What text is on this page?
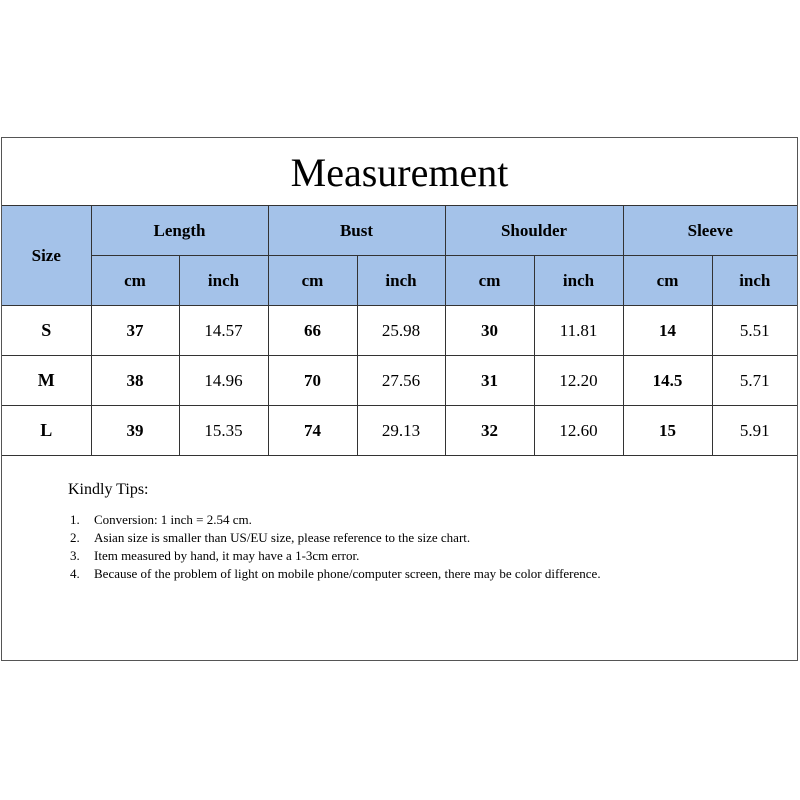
Measurement
Size	Length		Bust		Shoulder		Sleeve	
	cm	inch	cm	inch	cm	inch	cm	inch
S	37	14.57	66	25.98	30	11.81	14	5.51
M	38	14.96	70	27.56	31	12.20	14.5	5.71
L	39	15.35	74	29.13	32	12.60	15	5.91
Kindly Tips:
1. Conversion: 1 inch = 2.54 cm.
2. Asian size is smaller than US/EU size, please reference to the size chart.
3. Item measured by hand, it may have a 1-3cm error.
4. Because of the problem of light on mobile phone/computer screen, there may be color difference.
